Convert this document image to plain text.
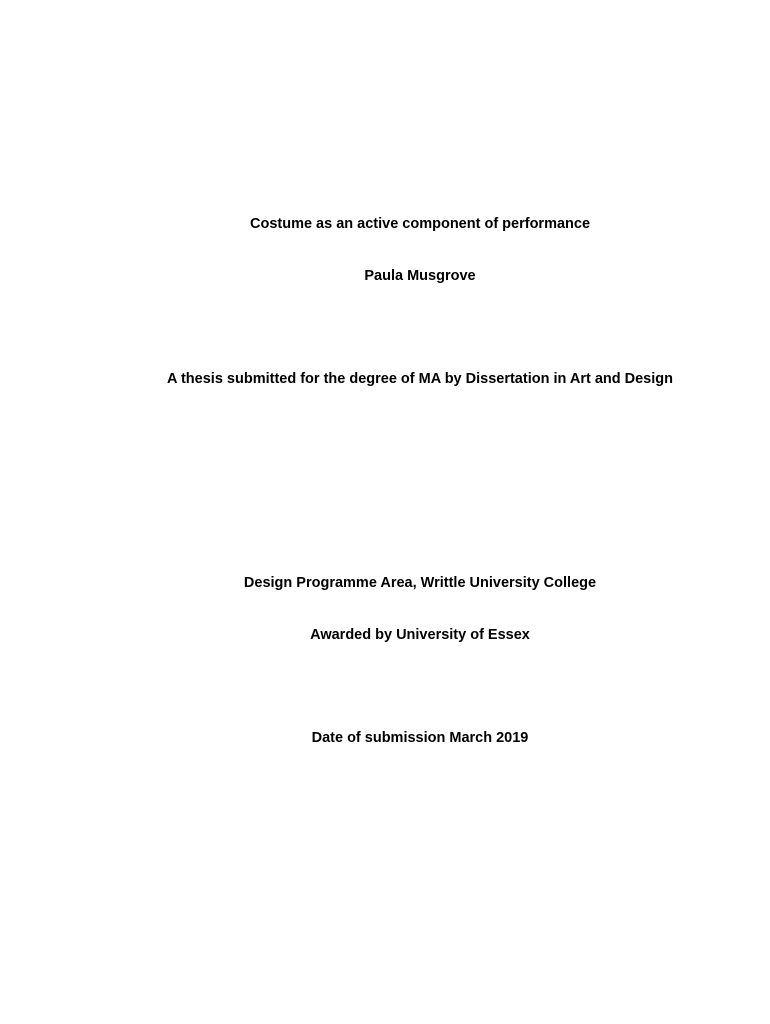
Costume as an active component of performance
Paula Musgrove
A thesis submitted for the degree of MA by Dissertation in Art and Design
Design Programme Area, Writtle University College
Awarded by University of Essex
Date of submission March 2019
